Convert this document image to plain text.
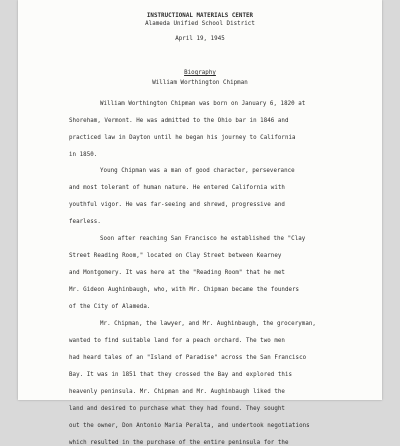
INSTRUCTIONAL MATERIALS CENTER
Alameda Unified School District
April 19, 1945
Biography
William Worthington Chipman
William Worthington Chipman was born on January 6, 1820 at
Shoreham, Vermont. He was admitted to the Ohio bar in 1846 and
practiced law in Dayton until he began his journey to California
in 1850.
Young Chipman was a man of good character, perseverance
and most tolerant of human nature. He entered California with
youthful vigor. He was far-seeing and shrewd, progressive and
fearless.
Soon after reaching San Francisco he established the "Clay
Street Reading Room," located on Clay Street between Kearney
and Montgomery. It was here at the "Reading Room" that he met
Mr. Gideon Aughinbaugh, who, with Mr. Chipman became the founders
of the City of Alameda.
Mr. Chipman, the lawyer, and Mr. Aughinbaugh, the groceryman,
wanted to find suitable land for a peach orchard. The two men
had heard tales of an "Island of Paradise" across the San Francisco
Bay. It was in 1851 that they crossed the Bay and explored this
heavenly peninsula. Mr. Chipman and Mr. Aughinbaugh liked the
land and desired to purchase what they had found. They sought
out the owner, Don Antonio Maria Peralta, and undertook negotiations
which resulted in the purchase of the entire peninsula for the
